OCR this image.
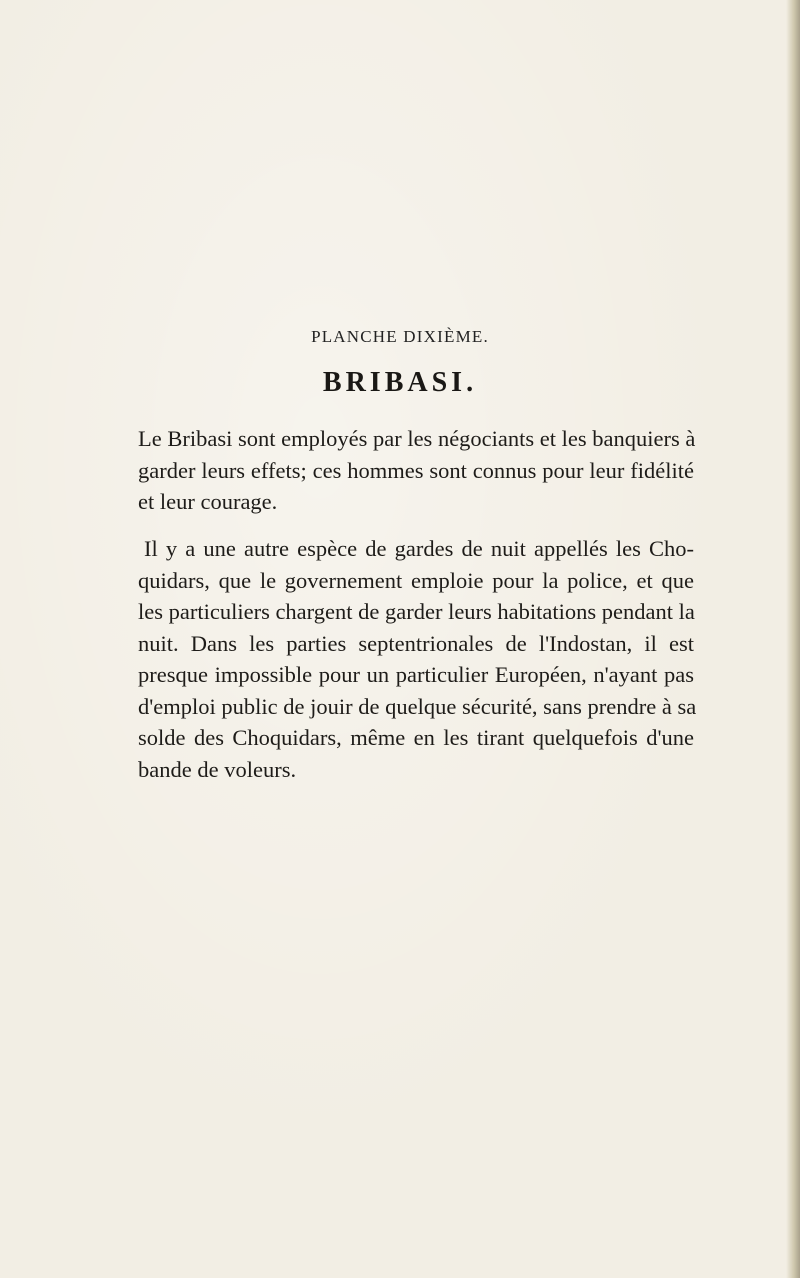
PLANCHE DIXIÈME.
BRIBASI.
Le Bribasi sont employés par les négociants et les banquiers à
garder leurs effets; ces hommes sont connus pour leur fidélité
et leur courage.
Il y a une autre espèce de gardes de nuit appellés les Cho-
quidars, que le governement emploie pour la police, et que
les particuliers chargent de garder leurs habitations pendant la
nuit. Dans les parties septentrionales de l'Indostan, il est
presque impossible pour un particulier Européen, n'ayant pas
d'emploi public de jouir de quelque sécurité, sans prendre à sa
solde des Choquidars, même en les tirant quelquefois d'une
bande de voleurs.
